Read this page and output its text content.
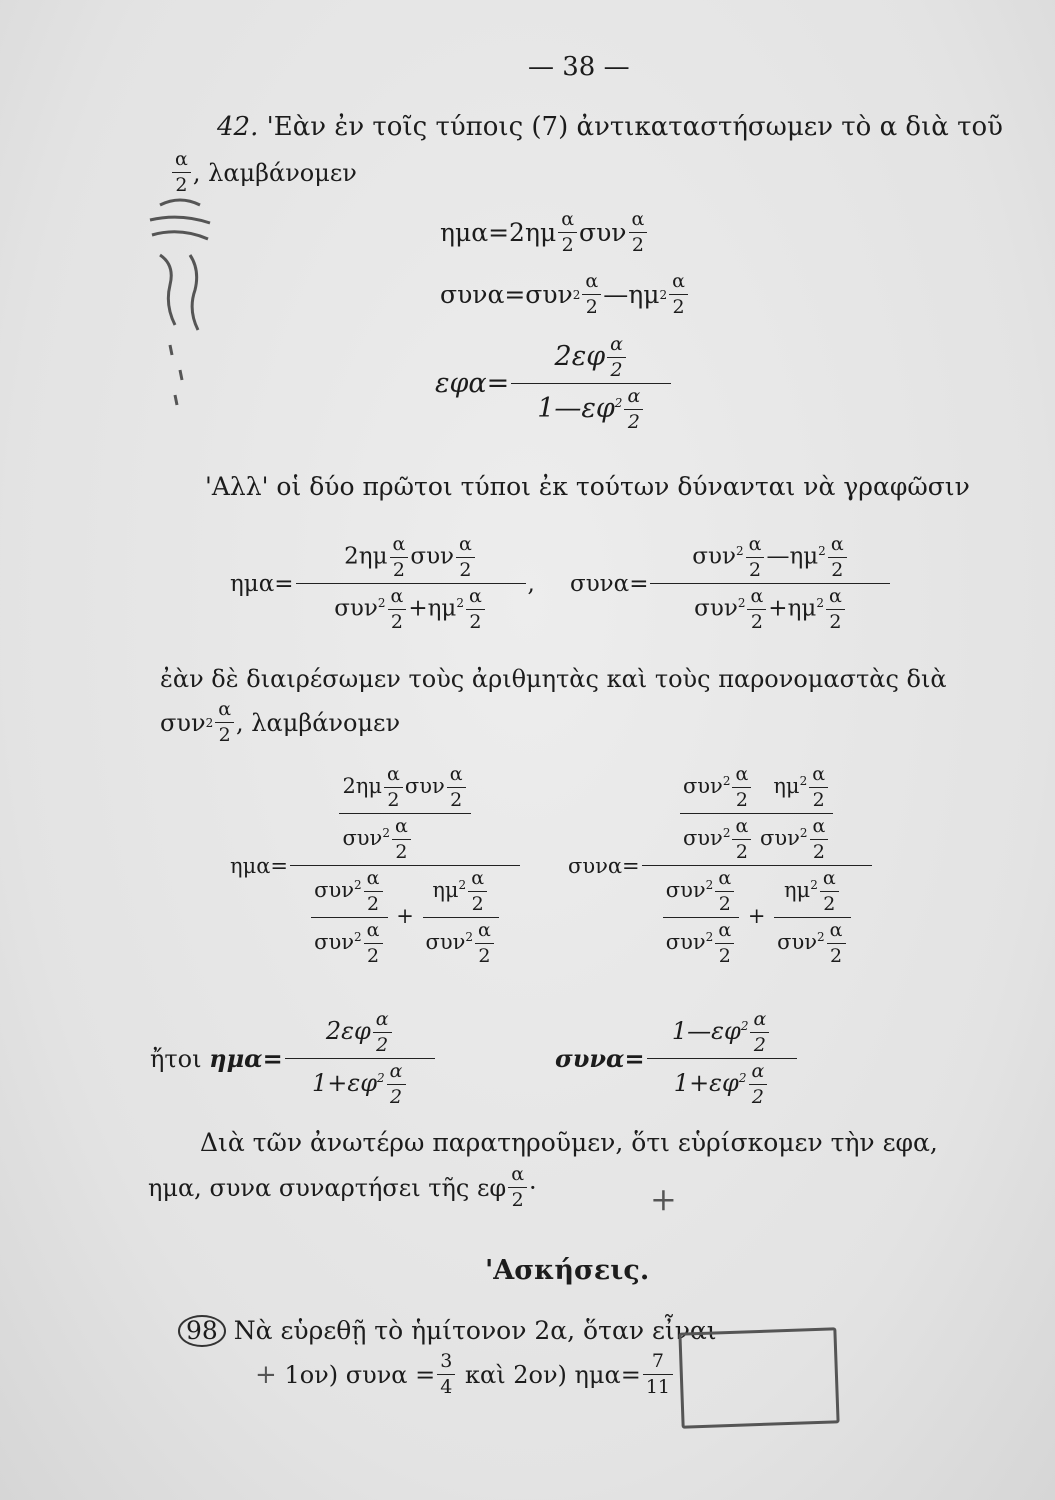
— 38 —
42. 'Εὰν ἐν τοῖς τύποις (7) ἀντικαταστήσωμεν τὸ α διὰ τοῦ
α
2 , λαμβάνομεν
ημα=2ημ α
2 συν α
2
συνα=συν 2
α
2 —ημ 2
α
2
εφα=
$2\varepsilon\varphi \frac{\alpha}{2}$
$1—\varepsilon\varphi^2 \frac{\alpha}{2}$
'Αλλ' οἱ δύο πρῶτοι τύποι ἐκ τούτων δύνανται νὰ γραφῶσιν
ημα=
$2\eta\mu \frac{\alpha}{2}$ συν $\frac{\alpha}{2}$
$\sigma\upsilon\nu^2 \frac{\alpha}{2} +\eta\mu^2 \frac{\alpha}{2}$
, συνα=
$\sigma\upsilon\nu^2 \frac{\alpha}{2}$ $—\eta\mu^2 \frac{\alpha}{2}$
$\sigma\upsilon\nu^2 \frac{\alpha}{2} +\eta\mu^2 \frac{\alpha}{2}$
ἐὰν δὲ διαιρέσωμεν τοὺς ἀριθμητὰς καὶ τοὺς παρονομαστὰς διὰ
συν 2
α
2 , λαμβάνομεν
ημα=
$2\eta\mu \frac{\alpha}{2}$ συν $\frac{\alpha}{2}$
$\sigma\upsilon\nu^2 \frac{\alpha}{2}$
$\sigma\upsilon\nu^2 \frac{\alpha}{2}$
$\sigma\upsilon\nu^2 \frac{\alpha}{2}$
+
$\eta\mu^2 \frac{\alpha}{2}$
$\sigma\upsilon\nu^2 \frac{\alpha}{2}$
συνα=
$\sigma\upsilon\nu^2 \frac{\alpha}{2} \eta\mu^2 \frac{\alpha}{2}$
$\sigma\upsilon\nu^2 \frac{\alpha}{2} \sigma\upsilon\nu^2 \frac{\alpha}{2}$
$\sigma\upsilon\nu^2 \frac{\alpha}{2}$
$\sigma\upsilon\nu^2 \frac{\alpha}{2}$
+
$\eta\mu^2 \frac{\alpha}{2}$
$\sigma\upsilon\nu^2 \frac{\alpha}{2}$
ἤτοι
ημα=
$2\varepsilon\varphi \frac{\alpha}{2}$
$1+\varepsilon\varphi^2 \frac{\alpha}{2}$
συνα=
$1—\varepsilon\varphi^2 \frac{\alpha}{2}$
$1+\varepsilon\varphi^2 \frac{\alpha}{2}$
Διὰ τῶν ἀνωτέρω παρατηροῦμεν, ὅτι εὑρίσκομεν τὴν εφα,
ημα, συνα συναρτήσει τῆς εφ α
2 ·	+
'Ασκήσεις.
98
Νὰ εὑρεθῇ τὸ ἡμίτονον 2α, ὅταν εἶναι
+
1ον) συνα = 3
4
καὶ
2ον) ημα= 7
11
